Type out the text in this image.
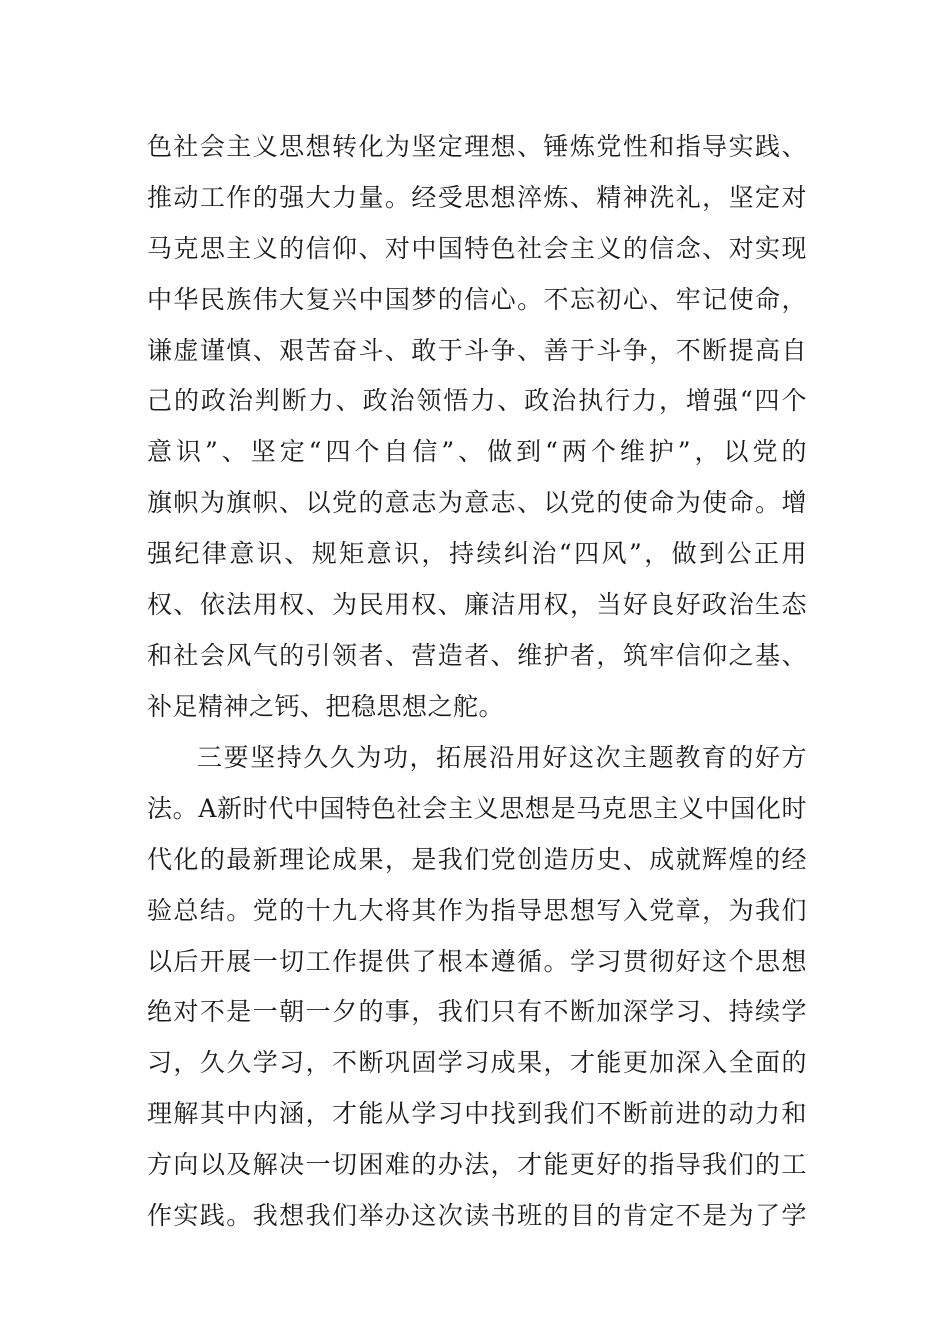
色社会主义思想转化为坚定理想、锤炼党性和指导实践、
推动工作的强大力量。经受思想淬炼、精神洗礼，坚定对
马克思主义的信仰、对中国特色社会主义的信念、对实现
中华民族伟大复兴中国梦的信心。不忘初心、牢记使命，
谦虚谨慎、艰苦奋斗、敢于斗争、善于斗争，不断提高自
己的政治判断力、政治领悟力、政治执行力，增强“四个
意识”、坚定“四个自信”、做到“两个维护”，以党的
旗帜为旗帜、以党的意志为意志、以党的使命为使命。增
强纪律意识、规矩意识，持续纠治“四风”，做到公正用
权、依法用权、为民用权、廉洁用权，当好良好政治生态
和社会风气的引领者、营造者、维护者，筑牢信仰之基、
补足精神之钙、把稳思想之舵。
三要坚持久久为功，拓展沿用好这次主题教育的好方
法。A新时代中国特色社会主义思想是马克思主义中国化时
代化的最新理论成果，是我们党创造历史、成就辉煌的经
验总结。党的十九大将其作为指导思想写入党章，为我们
以后开展一切工作提供了根本遵循。学习贯彻好这个思想
绝对不是一朝一夕的事，我们只有不断加深学习、持续学
习，久久学习，不断巩固学习成果，才能更加深入全面的
理解其中内涵，才能从学习中找到我们不断前进的动力和
方向以及解决一切困难的办法，才能更好的指导我们的工
作实践。我想我们举办这次读书班的目的肯定不是为了学
